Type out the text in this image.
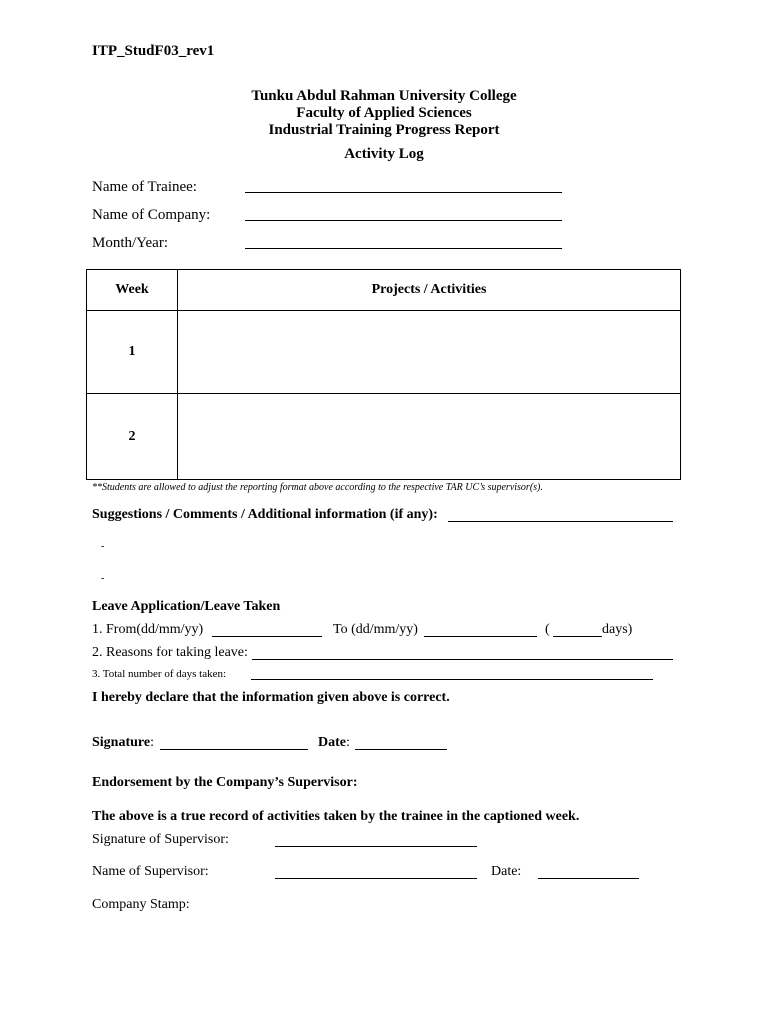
ITP_StudF03_rev1
Tunku Abdul Rahman University College
Faculty of Applied Sciences
Industrial Training Progress Report
Activity Log
Name of Trainee:
Name of Company:
Month/Year:
Week	Projects / Activities
1	
2	
**Students are allowed to adjust the reporting format above according to the respective TAR UC’s supervisor(s).
Suggestions / Comments / Additional information (if any):
-
-
Leave Application/Leave Taken
1. From(dd/mm/yy)	To (dd/mm/yy)	(	days)
2. Reasons for taking leave:
3. Total number of days taken:
I hereby declare that the information given above is correct.
Signature:	Date:
Endorsement by the Company’s Supervisor:
The above is a true record of activities taken by the trainee in the captioned week.
Signature of Supervisor:
Name of Supervisor:	Date:
Company Stamp:
